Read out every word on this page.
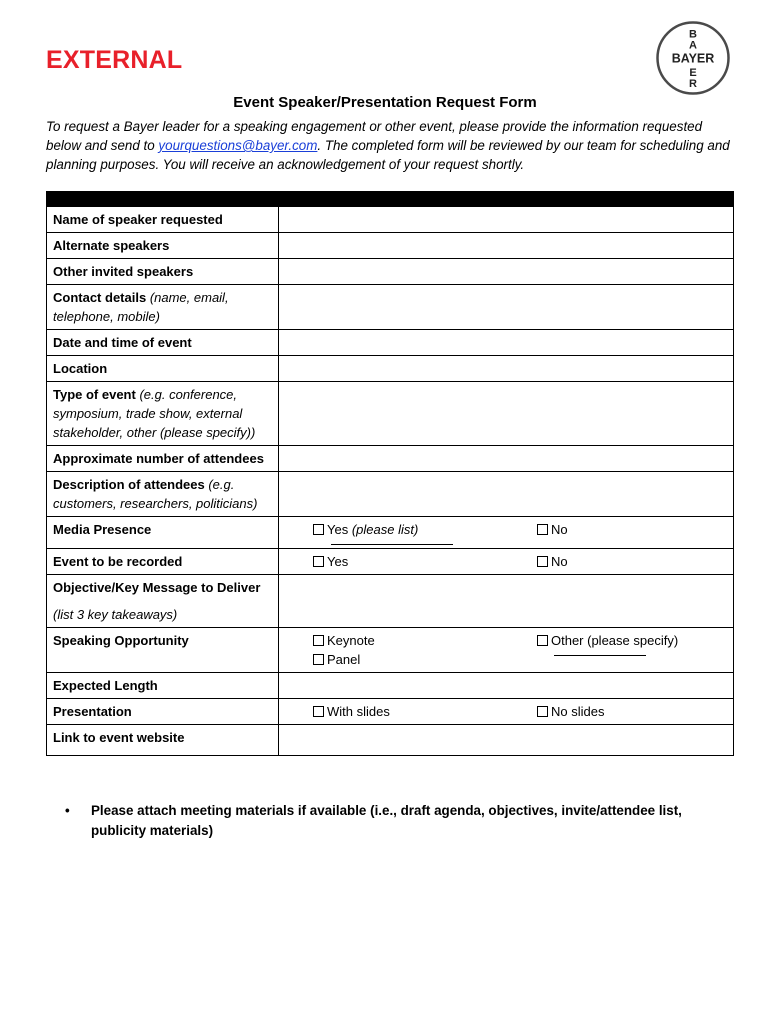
EXTERNAL
B
A
BAYER
E
R
Event Speaker/Presentation Request Form
To request a Bayer leader for a speaking engagement or other event, please provide the information requested below and send to yourquestions@bayer.com. The completed form will be reviewed by our team for scheduling and planning purposes. You will receive an acknowledgement of your request shortly.

Name of speaker requested	
Alternate speakers	
Other invited speakers	
Contact details (name, email, telephone, mobile)	
Date and time of event	
Location	
Type of event (e.g. conference, symposium, trade show, external stakeholder, other (please specify))	
Approximate number of attendees	
Description of attendees (e.g. customers, researchers, politicians)	
Media Presence	Yes (please list) No

Event to be recorded	Yes No

Objective/Key Message to Deliver
(list 3 key takeaways)	

Speaking Opportunity	Keynote
Panel
Other (please specify)

Expected Length	
Presentation	With slides No slides

Link to event website	
•	Please attach meeting materials if available (i.e., draft agenda, objectives, invite/attendee list, publicity materials)
